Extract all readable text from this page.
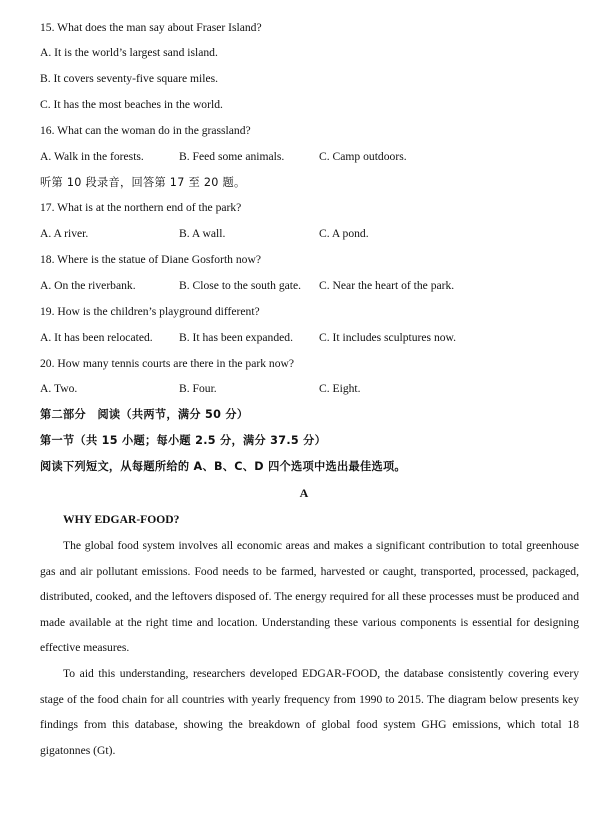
15. What does the man say about Fraser Island?
A. It is the world’s largest sand island.
B. It covers seventy-five square miles.
C. It has the most beaches in the world.
16. What can the woman do in the grassland?
A. Walk in the forests.	B. Feed some animals.	C. Camp outdoors.
听第 10 段录音，回答第 17 至 20 题。
17. What is at the northern end of the park?
A. A river.	B. A wall.	C. A pond.
18. Where is the statue of Diane Gosforth now?
A. On the riverbank.	B. Close to the south gate. C. Near the heart of the park.
19. How is the children’s playground different?
A. It has been relocated. B. It has been expanded. C. It includes sculptures now.
20. How many tennis courts are there in the park now?
A. Two.	B. Four.	C. Eight.
第二部分　阅读（共两节，满分 50 分）
第一节（共 15 小题；每小题 2.5 分，满分 37.5 分）
阅读下列短文，从每题所给的 A、B、C、D 四个选项中选出最佳选项。
A
WHY EDGAR-FOOD?

The global food system involves all economic areas and makes a significant contribution to total greenhouse gas and air pollutant emissions. Food needs to be farmed, harvested or caught, transported, processed, packaged, distributed, cooked, and the leftovers disposed of. The energy required for all these processes must be produced and made available at the right time and location. Understanding these various components is essential for designing effective measures.

To aid this understanding, researchers developed EDGAR-FOOD, the database consistently covering every stage of the food chain for all countries with yearly frequency from 1990 to 2015. The diagram below presents key findings from this database, showing the breakdown of global food system GHG emissions, which total 18 gigatonnes (Gt).
